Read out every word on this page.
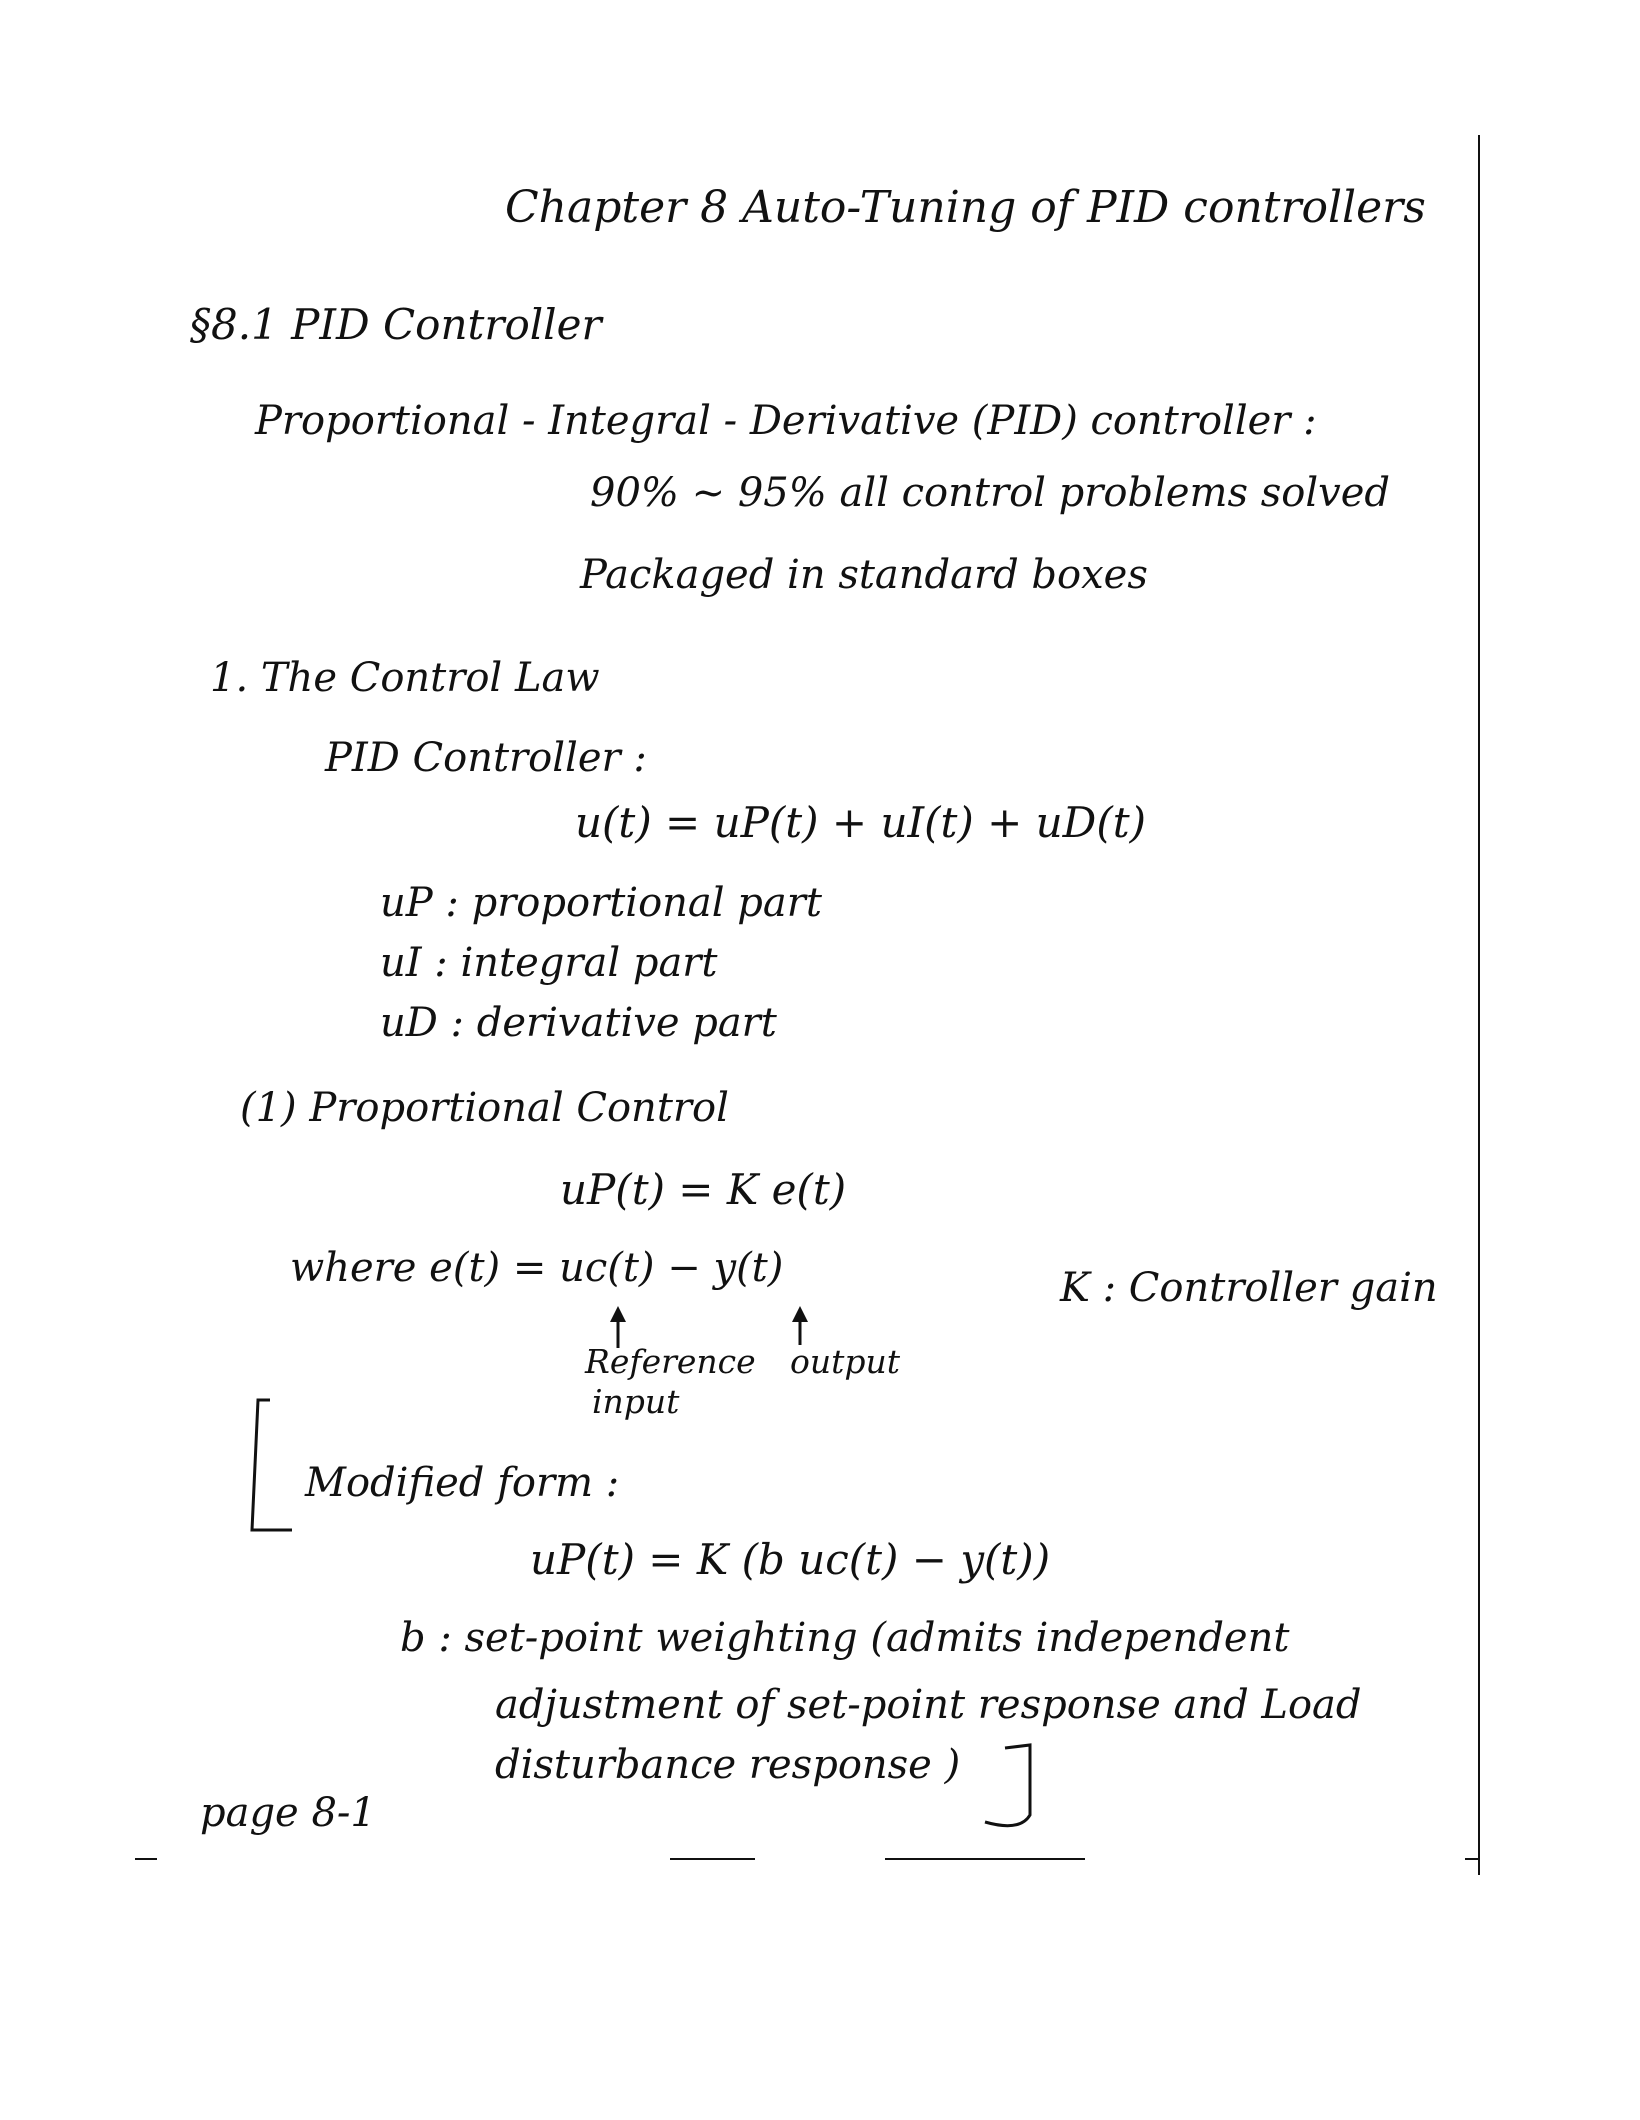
Chapter 8 Auto-Tuning of PID controllers
§8.1 PID Controller
Proportional - Integral - Derivative (PID) controller :
90% ~ 95% all control problems solved
Packaged in standard boxes
1. The Control Law
PID Controller :
u(t) = uP(t) + uI(t) + uD(t)
uP : proportional part
uI : integral part
uD : derivative part
(1) Proportional Control
uP(t) = K e(t)
where e(t) = uc(t) − y(t)	K : Controller gain
Reference
input
output
Modified form :
uP(t) = K (b uc(t) − y(t))
b : set-point weighting (admits independent
adjustment of set-point response and Load
disturbance response )
page 8-1
